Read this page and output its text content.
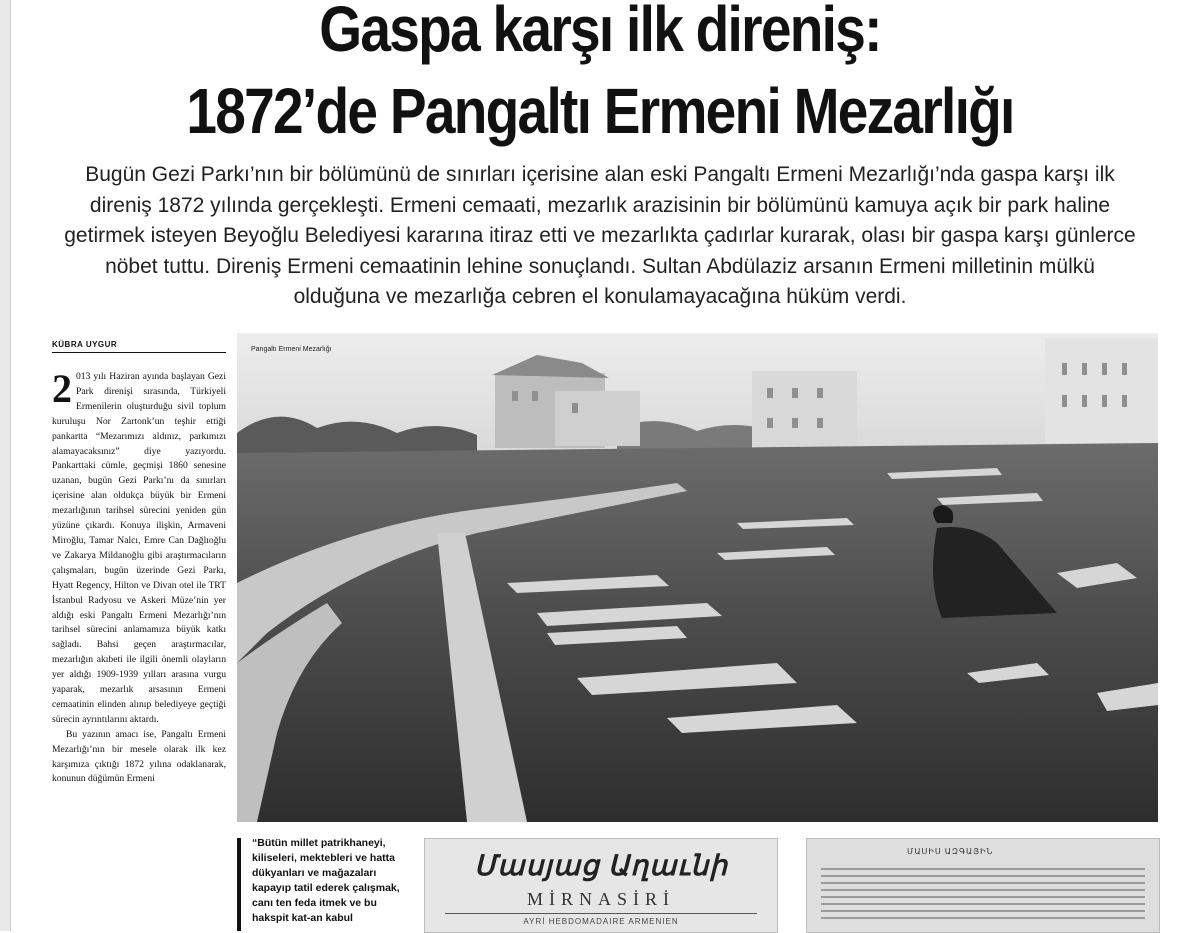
Gaspa karşı ilk direniş:
1872’de Pangaltı Ermeni Mezarlığı
Bugün Gezi Parkı’nın bir bölümünü de sınırları içerisine alan eski Pangaltı Ermeni Mezarlığı’nda gaspa karşı ilk direniş 1872 yılında gerçekleşti. Ermeni cemaati, mezarlık arazisinin bir bölümünü kamuya açık bir park haline getirmek isteyen Beyoğlu Belediyesi kararına itiraz etti ve mezarlıkta çadırlar kurarak, olası bir gaspa karşı günlerce nöbet tuttu. Direniş Ermeni cemaatinin lehine sonuçlandı. Sultan Abdülaziz arsanın Ermeni milletinin mülkü olduğuna ve mezarlığa cebren el konulamayacağına hüküm verdi.
KÜBRA UYGUR

2 013 yılı Haziran ayında başlayan Gezi Park direnişi sırasında, Türkiyeli Ermenilerin oluşturduğu sivil toplum kuruluşu Nor Zartonk’un teşhir ettiği pankartta “Mezarımızı aldınız, parkımızı alamayacaksınız” diye yazıyordu. Pankarttaki cümle, geçmişi 1860 senesine uzanan, bugün Gezi Parkı’nı da sınırları içerisine alan oldukça büyük bir Ermeni mezarlığının tarihsel sürecini yeniden gün yüzüne çıkardı. Konuya ilişkin, Armaveni Miroğlu, Tamar Nalcı, Emre Can Dağlıoğlu ve Zakarya Mildanoğlu gibi araştırmacıların çalışmaları, bugün üzerinde Gezi Parkı, Hyatt Regency, Hilton ve Divan otel ile TRT İstanbul Radyosu ve Askeri Müze’nin yer aldığı eski Pangaltı Ermeni Mezarlığı’nın tarihsel sürecini anlamamıza büyük katkı sağladı. Bahsi geçen araştırmacılar, mezarlığın akıbeti ile ilgili önemli olayların yer aldığı 1909-1939 yılları arasına vurgu yaparak, mezarlık arsasının Ermeni cemaatinin elinden alınıp belediyeye geçtiği sürecin ayrıntılarını aktardı.

Bu yazının amacı ise, Pangaltı Ermeni Mezarlığı’nın bir mesele olarak ilk kez karşımıza çıktığı 1872 yılına odaklanarak, konunun düğümün Ermeni

Pangaltı Ermeni Mezarlığı
“Bütün millet patrikhaneyi, kiliseleri, mektebleri ve hatta dükyanları ve mağazaları kapayıp tatil ederek çalışmak, canı ten feda itmek ve bu hakspit kat-an kabul
Մասյաց Աղաւնի
MİRNASİRİ
AYRİ HEBDOMADAIRE ARMENIEN
ՄԱՍԻՍ ԱԶԳԱՅԻՆ
